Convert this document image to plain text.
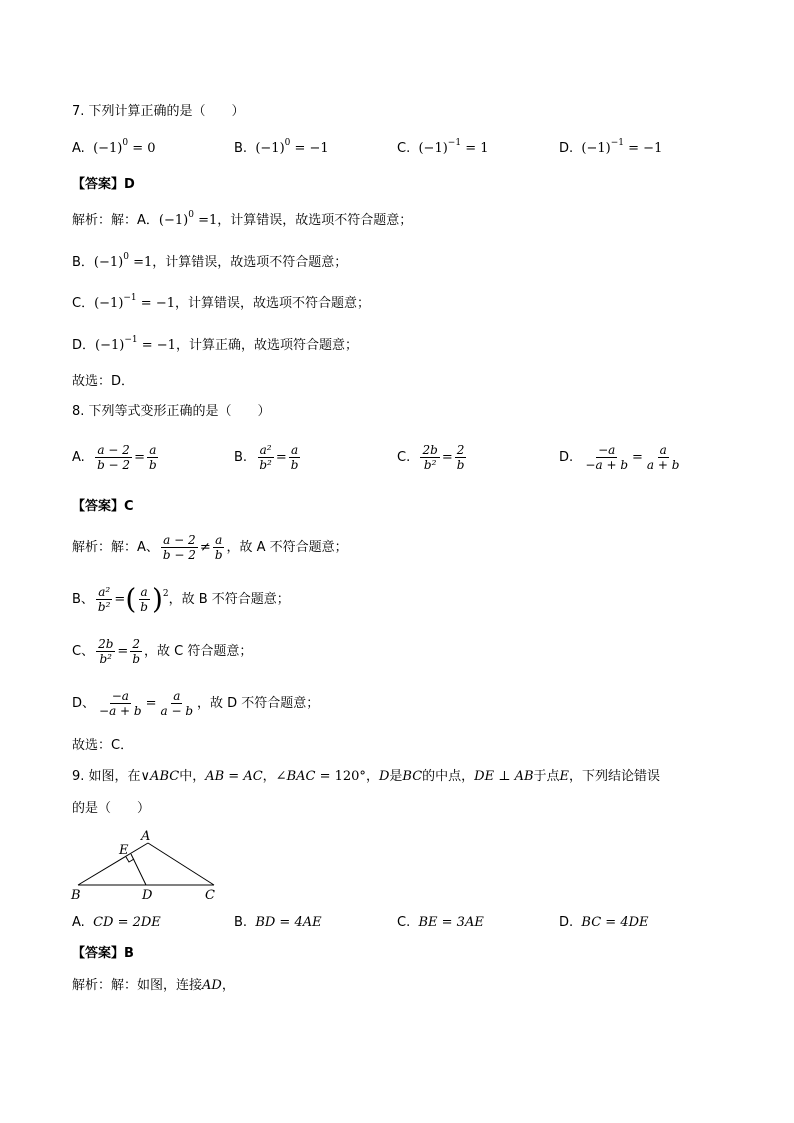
7. 下列计算正确的是（　　）
A. $(-1)^0 = 0$	B. $(-1)^0 = -1$	C. $(-1)^{-1} = 1$	D. $(-1)^{-1} = -1$
【答案】D
解析：解：A．$(-1)^0 =1$，计算错误，故选项不符合题意；
B．$(-1)^0 =1$，计算错误，故选项不符合题意；
C．$(-1)^{-1} = -1$，计算错误，故选项不符合题意；
D．$(-1)^{-1} = -1$，计算正确，故选项符合题意；
故选：D．
8. 下列等式变形正确的是（　　）
A. $\frac{a - 2}{b - 2} = \frac{a}{b}$	B. $\frac{\text{a²}}{\text{b²}} = \frac{a}{b}$	C. $\frac{2b}{\text{b²}} = \frac{2}{b}$	D. $\frac{-a}{-a + b} = \frac{a}{a + b}$
【答案】C
解析：解：A、 $\frac{a - 2}{b - 2} \ne \frac{a}{b}$ ，故 A 不符合题意；
B、 $\frac{\text{a²}}{\text{b²}}$ =( $\frac{a}{b} )^2$，故 B 不符合题意；
C、 $\frac{2b}{\text{b²}} = \frac{2}{b}$ ，故 C 符合题意；
D、 $\frac{-a}{-a + b} = \frac{a}{a - b}$ ，故 D 不符合题意；
故选：C．
9. 如图，在∨ABC中，AB = AC，∠BAC = 120°，D是BC的中点，DE ⊥ AB于点E，下列结论错误
的是（　　）
A
E
B	D	C
A. CD = 2DE	B. BD = 4AE	C. BE = 3AE	D. BC = 4DE
【答案】B
解析：解：如图，连接AD，
